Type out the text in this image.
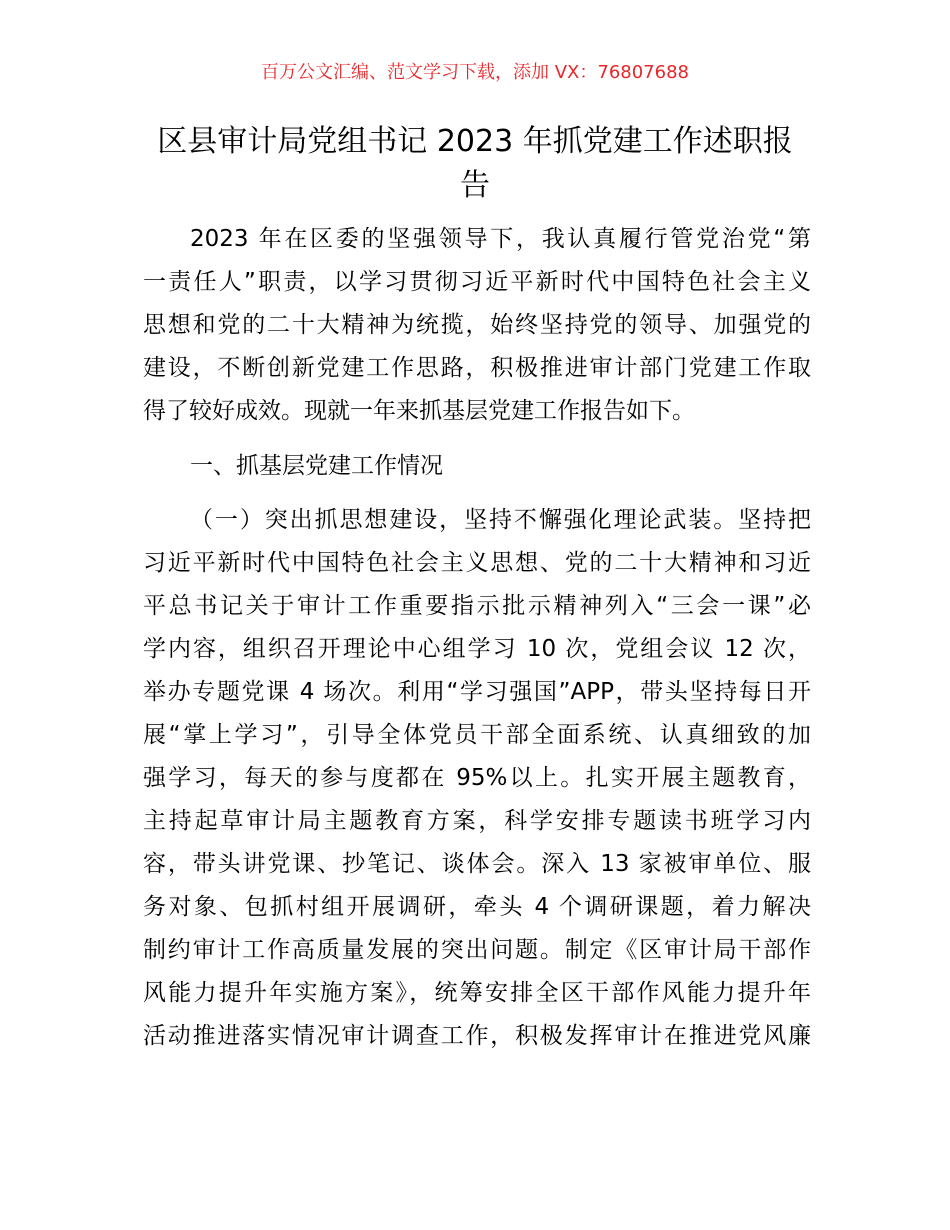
百万公文汇编、范文学习下载，添加 VX：76807688
区县审计局党组书记 2023 年抓党建工作述职报
告
2023 年在区委的坚强领导下，我认真履行管党治党“第
一责任人”职责，以学习贯彻习近平新时代中国特色社会主义
思想和党的二十大精神为统揽，始终坚持党的领导、加强党的
建设，不断创新党建工作思路，积极推进审计部门党建工作取
得了较好成效。现就一年来抓基层党建工作报告如下。
一、抓基层党建工作情况
（一）突出抓思想建设，坚持不懈强化理论武装。坚持把
习近平新时代中国特色社会主义思想、党的二十大精神和习近
平总书记关于审计工作重要指示批示精神列入“三会一课”必
学内容，组织召开理论中心组学习 10 次，党组会议 12 次，
举办专题党课 4 场次。利用“学习强国”APP，带头坚持每日开
展“掌上学习”，引导全体党员干部全面系统、认真细致的加
强学习，每天的参与度都在 95%以上。扎实开展主题教育，
主持起草审计局主题教育方案，科学安排专题读书班学习内
容，带头讲党课、抄笔记、谈体会。深入 13 家被审单位、服
务对象、包抓村组开展调研，牵头 4 个调研课题，着力解决
制约审计工作高质量发展的突出问题。制定《区审计局干部作
风能力提升年实施方案》，统筹安排全区干部作风能力提升年
活动推进落实情况审计调查工作，积极发挥审计在推进党风廉
